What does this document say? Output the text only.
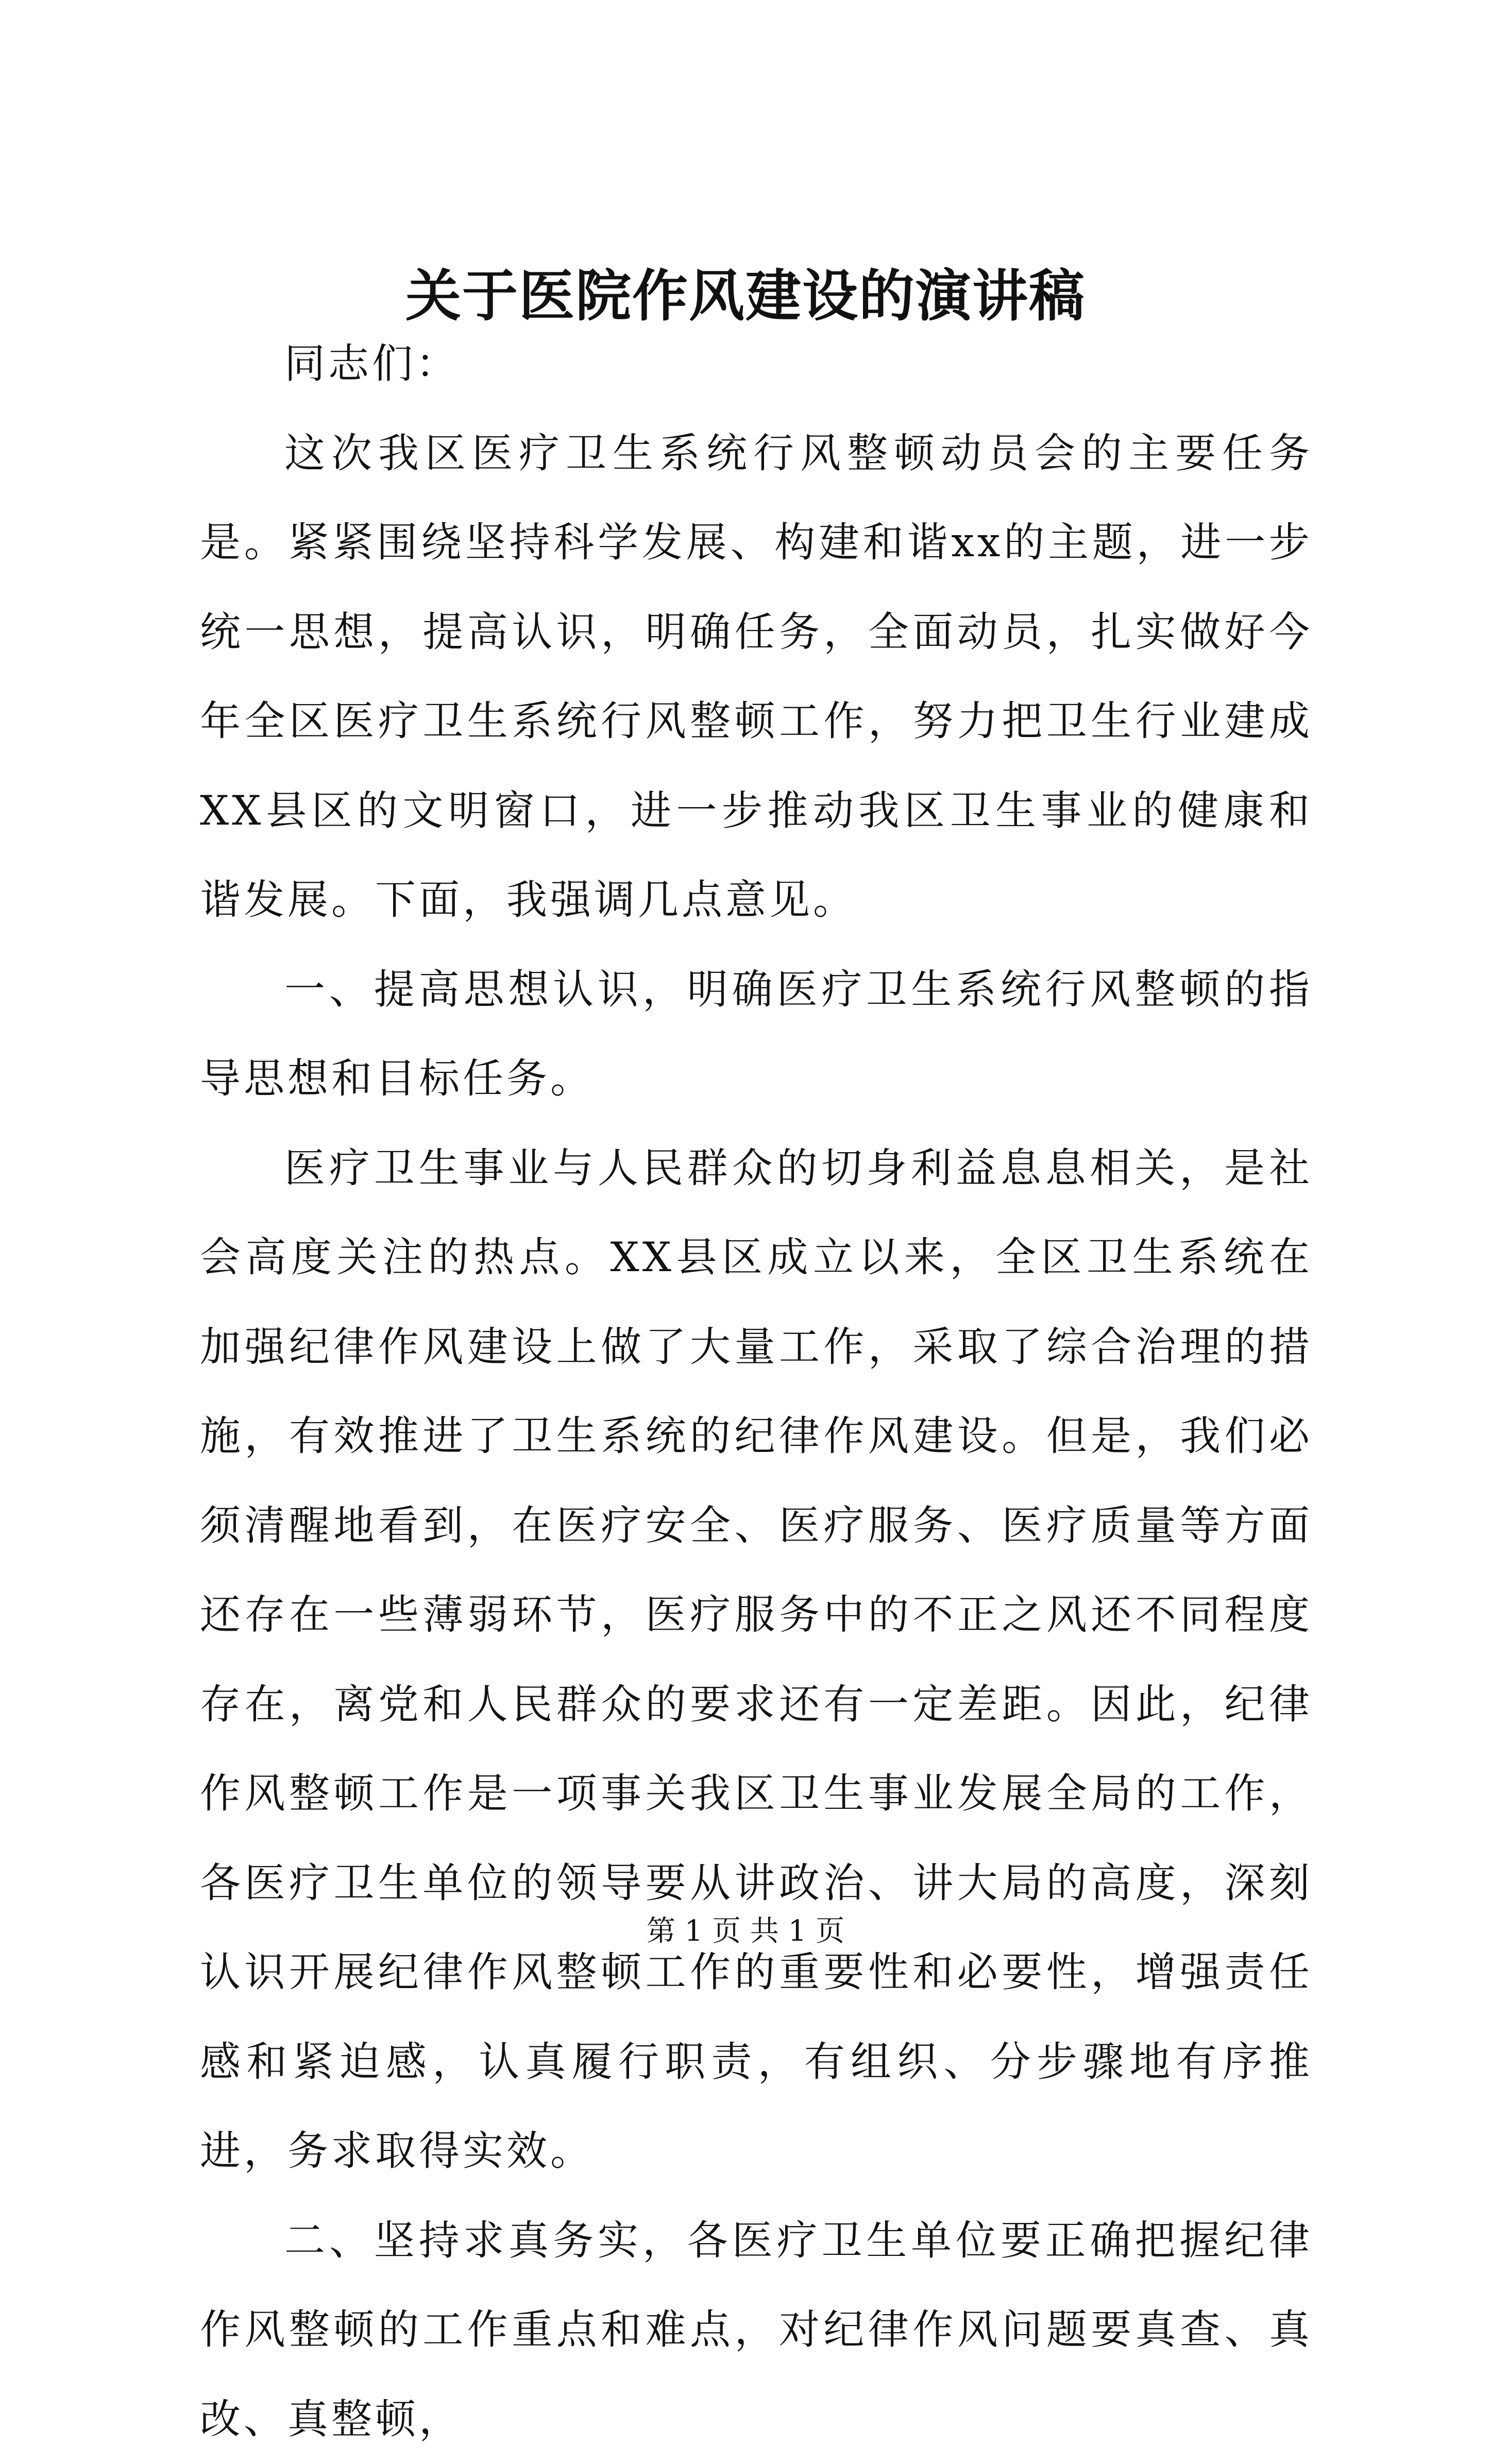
关于医院作风建设的演讲稿

同志们：

这次我区医疗卫生系统行风整顿动员会的主要任务是。紧紧围绕坚持科学发展、构建和谐xx的主题，进一步统一思想，提高认识，明确任务，全面动员，扎实做好今年全区医疗卫生系统行风整顿工作，努力把卫生行业建成XX县区的文明窗口，进一步推动我区卫生事业的健康和谐发展。下面，我强调几点意见。

一、提高思想认识，明确医疗卫生系统行风整顿的指导思想和目标任务。

医疗卫生事业与人民群众的切身利益息息相关，是社会高度关注的热点。XX县区成立以来，全区卫生系统在加强纪律作风建设上做了大量工作，采取了综合治理的措施，有效推进了卫生系统的纪律作风建设。但是，我们必须清醒地看到，在医疗安全、医疗服务、医疗质量等方面还存在一些薄弱环节，医疗服务中的不正之风还不同程度存在，离党和人民群众的要求还有一定差距。因此，纪律作风整顿工作是一项事关我区卫生事业发展全局的工作，各医疗卫生单位的领导要从讲政治、讲大局的高度，深刻认识开展纪律作风整顿工作的重要性和必要性，增强责任感和紧迫感，认真履行职责，有组织、分步骤地有序推进，务求取得实效。

二、坚持求真务实，各医疗卫生单位要正确把握纪律作风整顿的工作重点和难点，对纪律作风问题要真查、真改、真整顿，

第 1 页 共 1 页
